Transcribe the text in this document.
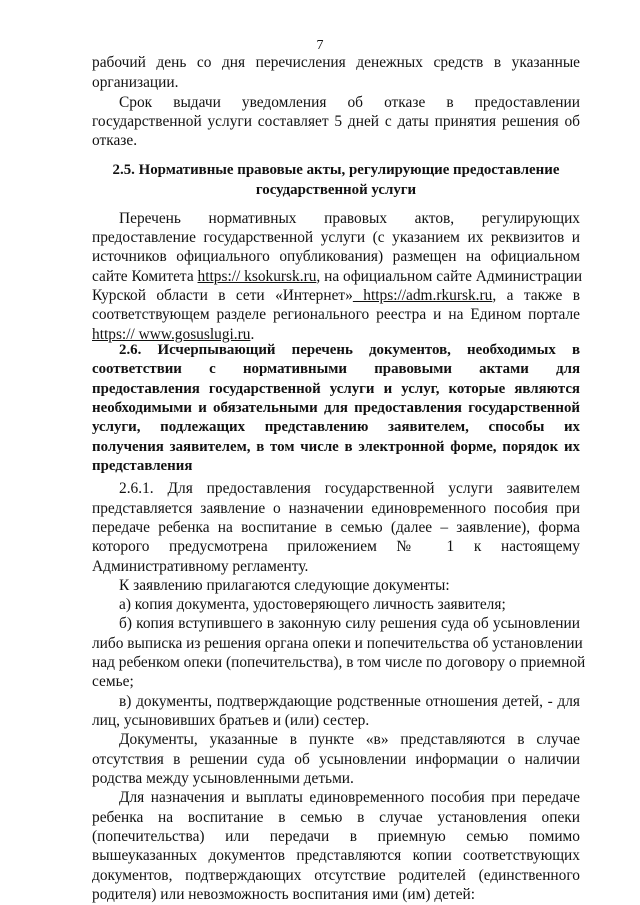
7
рабочий день со дня перечисления денежных средств в указанные
организации.
Срок выдачи уведомления об отказе в предоставлении
государственной услуги составляет 5 дней с даты принятия решения об
отказе.
2.5. Нормативные правовые акты, регулирующие предоставление
государственной услуги
Перечень нормативных правовых актов, регулирующих
предоставление государственной услуги (с указанием их реквизитов и
источников официального опубликования) размещен на официальном
сайте Комитета https:// ksokursk.ru, на официальном сайте Администрации
Курской области в сети «Интернет» https://adm.rkursk.ru, а также в
соответствующем разделе регионального реестра и на Едином портале
https:// www.gosuslugi.ru.
2.6. Исчерпывающий перечень документов, необходимых в
соответствии с нормативными правовыми актами для
предоставления государственной услуги и услуг, которые являются
необходимыми и обязательными для предоставления государственной
услуги, подлежащих представлению заявителем, способы их
получения заявителем, в том числе в электронной форме, порядок их
представления
2.6.1. Для предоставления государственной услуги заявителем
представляется заявление о назначении единовременного пособия при
передаче ребенка на воспитание в семью (далее – заявление), форма
которого предусмотрена приложением № 1 к настоящему
Административному регламенту.
К заявлению прилагаются следующие документы:
а) копия документа, удостоверяющего личность заявителя;
б) копия вступившего в законную силу решения суда об усыновлении
либо выписка из решения органа опеки и попечительства об установлении
над ребенком опеки (попечительства), в том числе по договору о приемной
семье;
в) документы, подтверждающие родственные отношения детей, - для
лиц, усыновивших братьев и (или) сестер.
Документы, указанные в пункте «в» представляются в случае
отсутствия в решении суда об усыновлении информации о наличии
родства между усыновленными детьми.
Для назначения и выплаты единовременного пособия при передаче
ребенка на воспитание в семью в случае установления опеки
(попечительства) или передачи в приемную семью помимо
вышеуказанных документов представляются копии соответствующих
документов, подтверждающих отсутствие родителей (единственного
родителя) или невозможность воспитания ими (им) детей:
